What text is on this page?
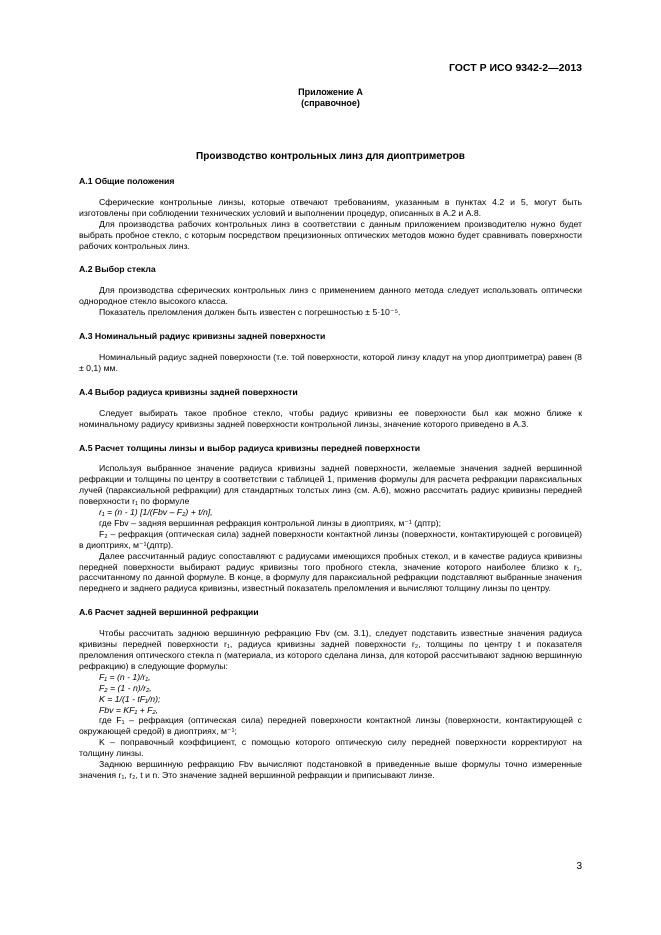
ГОСТ Р ИСО 9342-2—2013
Приложение А
(справочное)
Производство контрольных линз для диоптриметров
А.1 Общие положения

Сферические контрольные линзы, которые отвечают требованиям, указанным в пунктах 4.2 и 5, могут быть изготовлены при соблюдении технических условий и выполнении процедур, описанных в А.2 и А.8.

Для производства рабочих контрольных линз в соответствии с данным приложением производителю нужно будет выбрать пробное стекло, с которым посредством прецизионных оптических методов можно будет сравнивать поверхности рабочих контрольных линз.

А.2 Выбор стекла

Для производства сферических контрольных линз с применением данного метода следует использовать оптически однородное стекло высокого класса.

Показатель преломления должен быть известен с погрешностью ± 5·10⁻⁵.

А.3 Номинальный радиус кривизны задней поверхности

Номинальный радиус задней поверхности (т.е. той поверхности, которой линзу кладут на упор диоптриметра) равен (8 ± 0,1) мм.

А.4 Выбор радиуса кривизны задней поверхности

Следует выбирать такое пробное стекло, чтобы радиус кривизны ее поверхности был как можно ближе к номинальному радиусу кривизны задней поверхности контрольной линзы, значение которого приведено в А.3.

А.5 Расчет толщины линзы и выбор радиуса кривизны передней поверхности

Используя выбранное значение радиуса кривизны задней поверхности, желаемые значения задней вершинной рефракции и толщины по центру в соответствии с таблицей 1, применив формулы для расчета рефракции параксиальных лучей (параксиальной рефракции) для стандартных толстых линз (см. А.6), можно рассчитать радиус кривизны передней поверхности r₁ по формуле

r₁ = (n - 1) [1/(Fbv – F₂) + t/n],

где Fbv – задняя вершинная рефракция контрольной линзы в диоптриях, м⁻¹ (дптр);

F₂ – рефракция (оптическая сила) задней поверхности контактной линзы (поверхности, контактирующей с роговицей) в диоптриях, м⁻¹(дптр).

Далее рассчитанный радиус сопоставляют с радиусами имеющихся пробных стекол, и в качестве радиуса кривизны передней поверхности выбирают радиус кривизны того пробного стекла, значение которого наиболее близко к r₁, рассчитанному по данной формуле. В конце, в формулу для параксиальной рефракции подставляют выбранные значения переднего и заднего радиуса кривизны, известный показатель преломления и вычисляют толщину линзы по центру.

А.6 Расчет задней вершинной рефракции

Чтобы рассчитать заднюю вершинную рефракцию Fbv (см. 3.1), следует подставить известные значения радиуса кривизны передней поверхности r₁, радиуса кривизны задней поверхности r₂, толщины по центру t и показателя преломления оптического стекла n (материала, из которого сделана линза, для которой рассчитывают заднюю вершинную рефракцию) в следующие формулы:

F₁ = (n - 1)/r₁,

F₂ = (1 - n)/r₂,

K = 1/(1 - tF₁/n);

Fbv = KF₁ + F₂,

где F₁ – рефракция (оптическая сила) передней поверхности контактной линзы (поверхности, контактирующей с окружающей средой) в диоптриях, м⁻¹;

K – поправочный коэффициент, с помощью которого оптическую силу передней поверхности корректируют на толщину линзы.

Заднюю вершинную рефракцию Fbv вычисляют подстановкой в приведенные выше формулы точно измеренные значения r₁, r₂, t и n. Это значение задней вершинной рефракции и приписывают линзе.

3
